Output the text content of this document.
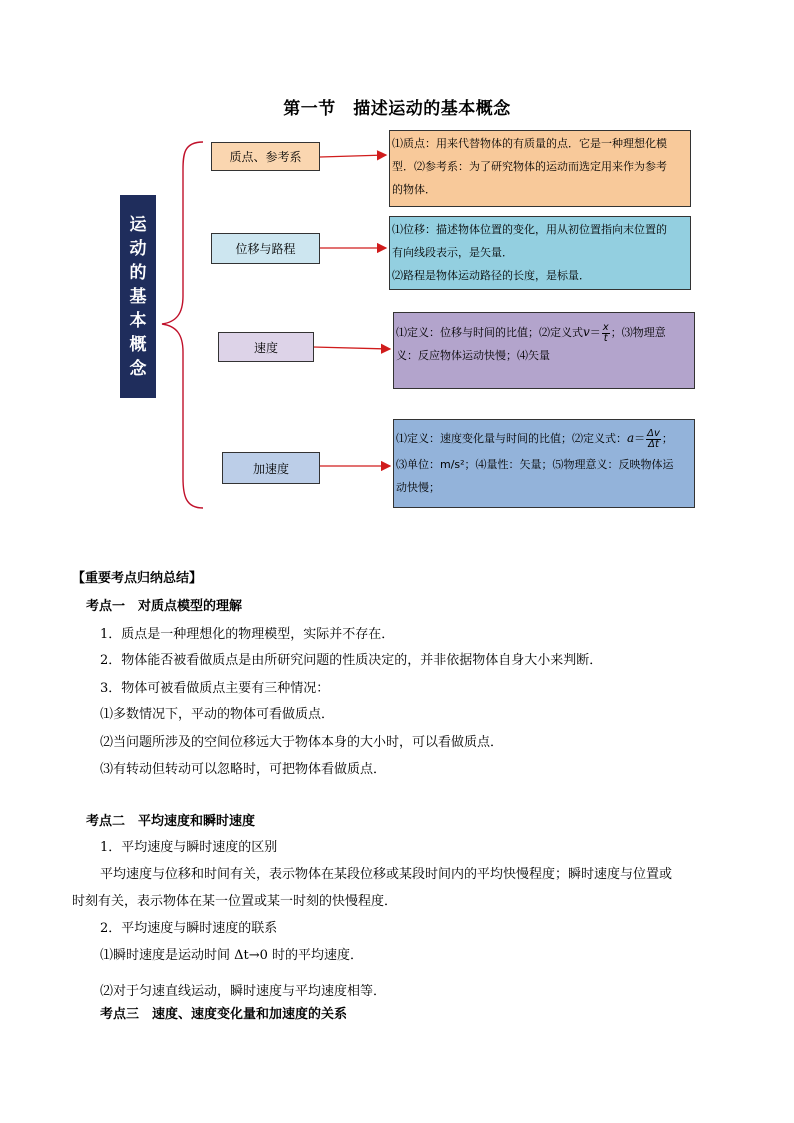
第一节　描述运动的基本概念
运
动
的
基
本
概
念
质点、参考系
位移与路程
速度
加速度

⑴质点：用来代替物体的有质量的点．它是一种理想化模

型．⑵参考系：为了研究物体的运动而选定用来作为参考

的物体．

⑴位移：描述物体位置的变化，用从初位置指向末位置的

有向线段表示，是矢量．

⑵路程是物体运动路径的长度，是标量．

⑴定义：位移与时间的比值；⑵定义式$v= \frac{x}{t}$ ；⑶物理意

义：反应物体运动快慢；⑷矢量

⑴定义：速度变化量与时间的比值；⑵定义式：$a= \frac{\Delta v}{\Delta t}$ ；

⑶单位：m/s²；⑷量性：矢量；⑸物理意义：反映物体运

动快慢；

【重要考点归纳总结】
考点一　对质点模型的理解
1．质点是一种理想化的物理模型，实际并不存在．
2．物体能否被看做质点是由所研究问题的性质决定的，并非依据物体自身大小来判断．
3．物体可被看做质点主要有三种情况：
⑴多数情况下，平动的物体可看做质点．
⑵当问题所涉及的空间位移远大于物体本身的大小时，可以看做质点．
⑶有转动但转动可以忽略时，可把物体看做质点．
考点二　平均速度和瞬时速度
1．平均速度与瞬时速度的区别
平均速度与位移和时间有关，表示物体在某段位移或某段时间内的平均快慢程度；瞬时速度与位置或
时刻有关，表示物体在某一位置或某一时刻的快慢程度．
2．平均速度与瞬时速度的联系
⑴瞬时速度是运动时间 Δt→0 时的平均速度．
⑵对于匀速直线运动，瞬时速度与平均速度相等．
考点三　速度、速度变化量和加速度的关系
